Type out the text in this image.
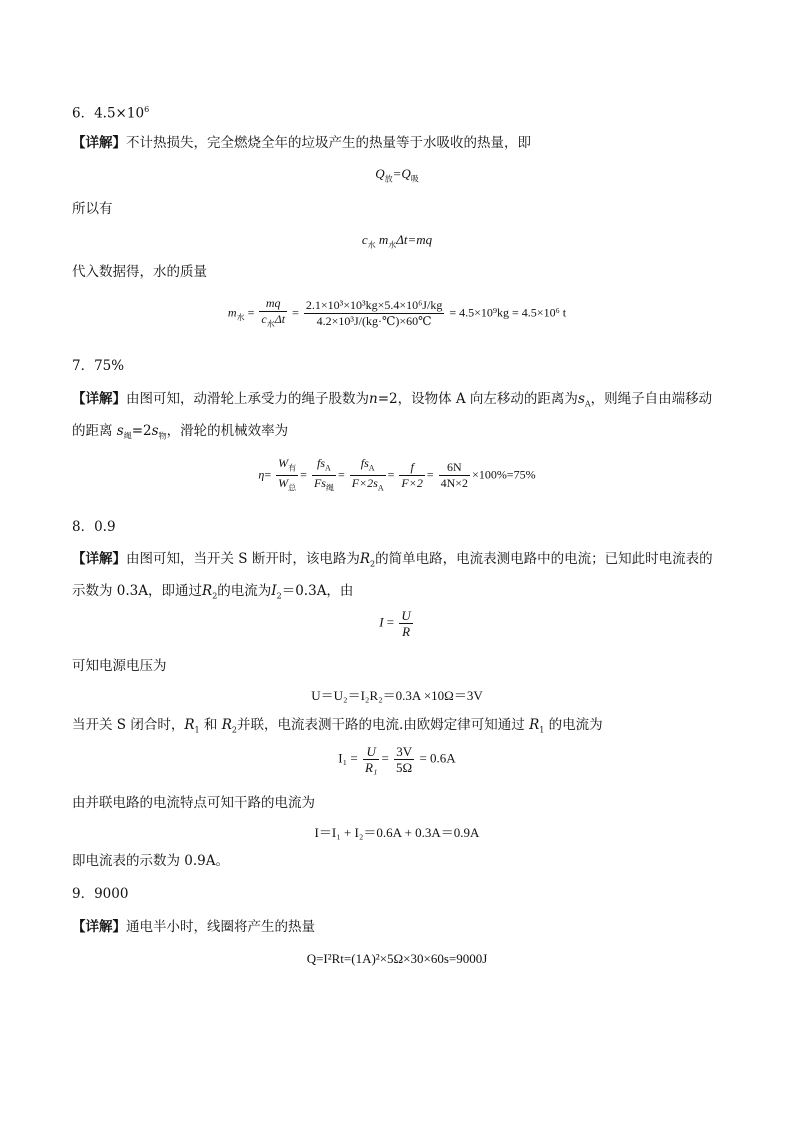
6．$4.5\times 10^6$
【详解】不计热损失，完全燃烧全年的垃圾产生的热量等于水吸收的热量，即
$Q_放=Q_吸$
所以有
$c_水$ $m_水\Delta t=mq$
代入数据得，水的质量
$m_水 = \frac{mq}{c_水\Delta t} = \frac{\text{2.1×10³×10³kg×5.4×10⁶J/kg}}{\text{4.2×10³J/(kg·℃)×60℃}} = 4.5\times 10^9kg = 4.5\times 10^6$ t
7．75%
【详解】由图可知，动滑轮上承受力的绳子股数为n=2，设物体 A 向左移动的距离为$s_A$，则绳子自由端移动的距离 $s_绳=2s_物$，滑轮的机械效率为
$\eta= \frac{W_有}{W_总} = \frac{fs_A}{Fs_绳} = \frac{fs_A}{F\times 2s_A} = \frac{f}{F\times 2} = \frac{6N}{4N\times 2} \times 100\%=75\%$
8．0.9
【详解】由图可知，当开关 S 断开时，该电路为$R_2$的简单电路，电流表测电路中的电流；已知此时电流表的示数为 0.3A，即通过$R_2$的电流为$I_2=0.3A$，由
$I = \frac{U}{R}$
可知电源电压为
U＝U₂＝I₂R₂＝0.3A ×10Ω＝3V
当开关 S 闭合时，$R_1$ 和 $R_2$并联，电流表测干路的电流.由欧姆定律可知通过 $R_1$ 的电流为
$I_1 = \frac{U}{\text{R₁}} = \frac{3V}{5\Omega} = 0.6A$
由并联电路的电流特点可知干路的电流为
I＝I₁ + I₂＝0.6A + 0.3A＝0.9A
即电流表的示数为 0.9A。
9．9000
【详解】通电半小时，线圈将产生的热量
Q=I²Rt=(1A)²×5Ω×30×60s=9000J
